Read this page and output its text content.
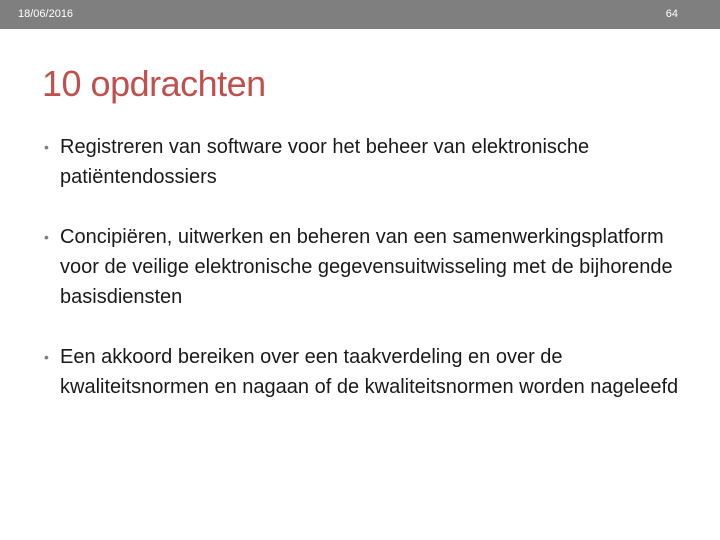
18/06/2016	64
10 opdrachten
• Registreren van software voor het beheer van elektronische patiëntendossiers
• Concipiëren, uitwerken en beheren van een samenwerkingsplatform voor de veilige elektronische gegevensuitwisseling met de bijhorende basisdiensten
• Een akkoord bereiken over een taakverdeling en over de kwaliteitsnormen en nagaan of de kwaliteitsnormen worden nageleefd
